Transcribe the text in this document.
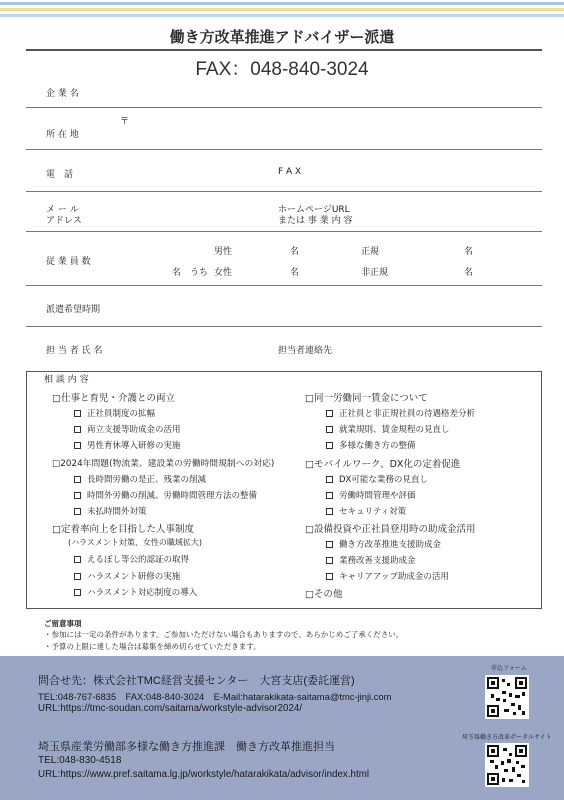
働き方改革推進アドバイザー派遣
FAX：048-840-3024
企 業 名
〒
所 在 地
電　話	F A X
メ ー ル
アドレス
ホームページURL
または 事 業 内 容
従 業 員 数
男性	名	正規	名
名　うち 女性	名	非正規	名
派遣希望時期
担 当 者 氏 名	担当者連絡先
相 談 内 容
□仕事と育児・介護との両立
正社員制度の拡幅
両立支援等助成金の活用
男性育休導入研修の実施
□2024年問題(物流業、建設業の労働時間規制への対応)
長時間労働の是正、残業の削減
時間外労働の削減、労働時間管理方法の整備
未払時間外対策
□定着率向上を目指した人事制度
(ハラスメント対策、女性の職域拡大)
えるぼし等公的認証の取得
ハラスメント研修の実施
ハラスメント対応制度の導入
□同一労働同一賃金について
正社員と非正規社員の待遇格差分析
就業規則、賃金規程の見直し
多様な働き方の整備
□モバイルワーク、DX化の定着促進
DX可能な業務の見直し
労働時間管理や評価
セキュリティ対策
□設備投資や正社員登用時の助成金活用
働き方改革推進支援助成金
業務改善支援助成金
キャリアアップ助成金の活用
□その他
ご留意事項
・参加には一定の条件があります。ご参加いただけない場合もありますので、あらかじめご了承ください。
・予算の上限に達した場合は募集を締め切らせていただきます。
問合せ先：株式会社TMC経営支援センター　大宮支店(委託運営)
TEL:048-767-6835　FAX:048-840-3024　E-Mail:hatarakikata-saitama@tmc-jinji.com
URL:https://tmc-soudan.com/saitama/workstyle-advisor2024/
埼玉県産業労働部多様な働き方推進課　働き方改革推進担当
TEL:048-830-4518
URL:https://www.pref.saitama.lg.jp/workstyle/hatarakikata/advisor/index.html
申込フォーム
埼玉県働き方改革ポータルサイト
